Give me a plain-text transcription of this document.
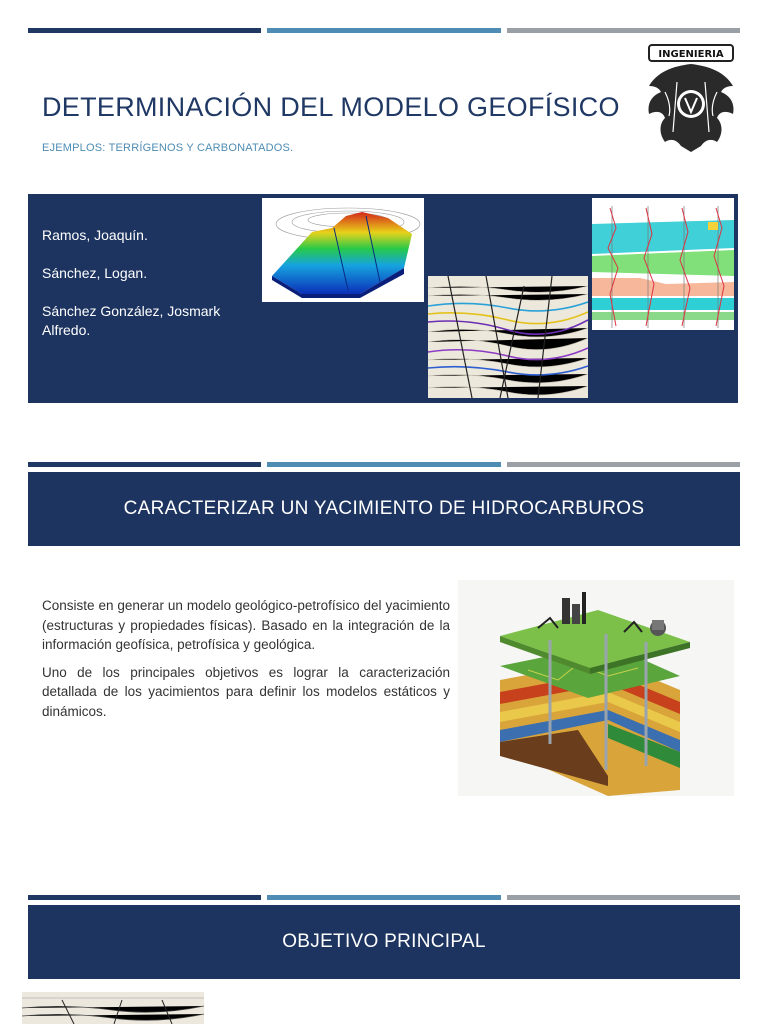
DETERMINACIÓN DEL MODELO GEOFÍSICO
EJEMPLOS: TERRÍGENOS Y CARBONATADOS.
INGENIERIA
Ramos, Joaquín.
Sánchez, Logan.
Sánchez González, Josmark Alfredo.
CARACTERIZAR UN YACIMIENTO DE HIDROCARBUROS

Consiste en generar un modelo geológico-petrofísico del yacimiento (estructuras y propiedades físicas). Basado en la integración de la información geofísica, petrofísica y geológica.

Uno de los principales objetivos es lograr la caracterización detallada de los yacimientos para definir los modelos estáticos y dinámicos.

OBJETIVO PRINCIPAL
